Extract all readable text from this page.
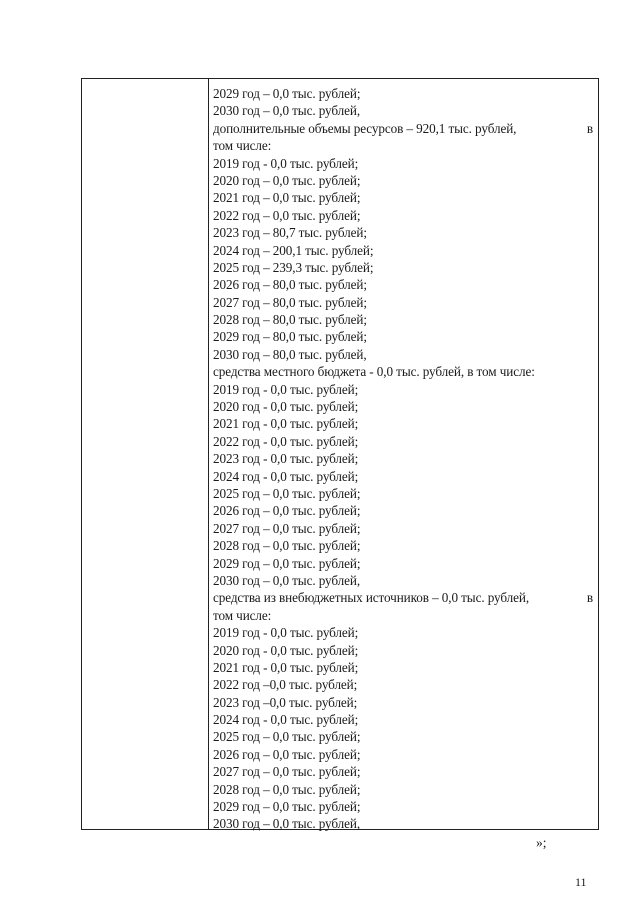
2029 год – 0,0 тыс. рублей;
2030 год – 0,0 тыс. рублей,
дополнительные объемы ресурсов – 920,1 тыс. рублей,	в
том числе:
2019 год - 0,0 тыс. рублей;
2020 год – 0,0 тыс. рублей;
2021 год – 0,0 тыс. рублей;
2022 год – 0,0 тыс. рублей;
2023 год – 80,7 тыс. рублей;
2024 год – 200,1 тыс. рублей;
2025 год – 239,3 тыс. рублей;
2026 год – 80,0 тыс. рублей;
2027 год – 80,0 тыс. рублей;
2028 год – 80,0 тыс. рублей;
2029 год – 80,0 тыс. рублей;
2030 год – 80,0 тыс. рублей,
средства местного бюджета - 0,0 тыс. рублей, в том числе:
2019 год - 0,0 тыс. рублей;
2020 год - 0,0 тыс. рублей;
2021 год - 0,0 тыс. рублей;
2022 год - 0,0 тыс. рублей;
2023 год - 0,0 тыс. рублей;
2024 год - 0,0 тыс. рублей;
2025 год – 0,0 тыс. рублей;
2026 год – 0,0 тыс. рублей;
2027 год – 0,0 тыс. рублей;
2028 год – 0,0 тыс. рублей;
2029 год – 0,0 тыс. рублей;
2030 год – 0,0 тыс. рублей,
средства из внебюджетных источников – 0,0 тыс. рублей,	в
том числе:
2019 год - 0,0 тыс. рублей;
2020 год - 0,0 тыс. рублей;
2021 год - 0,0 тыс. рублей;
2022 год –0,0 тыс. рублей;
2023 год –0,0 тыс. рублей;
2024 год - 0,0 тыс. рублей;
2025 год – 0,0 тыс. рублей;
2026 год – 0,0 тыс. рублей;
2027 год – 0,0 тыс. рублей;
2028 год – 0,0 тыс. рублей;
2029 год – 0,0 тыс. рублей;
2030 год – 0,0 тыс. рублей,
»;
11
